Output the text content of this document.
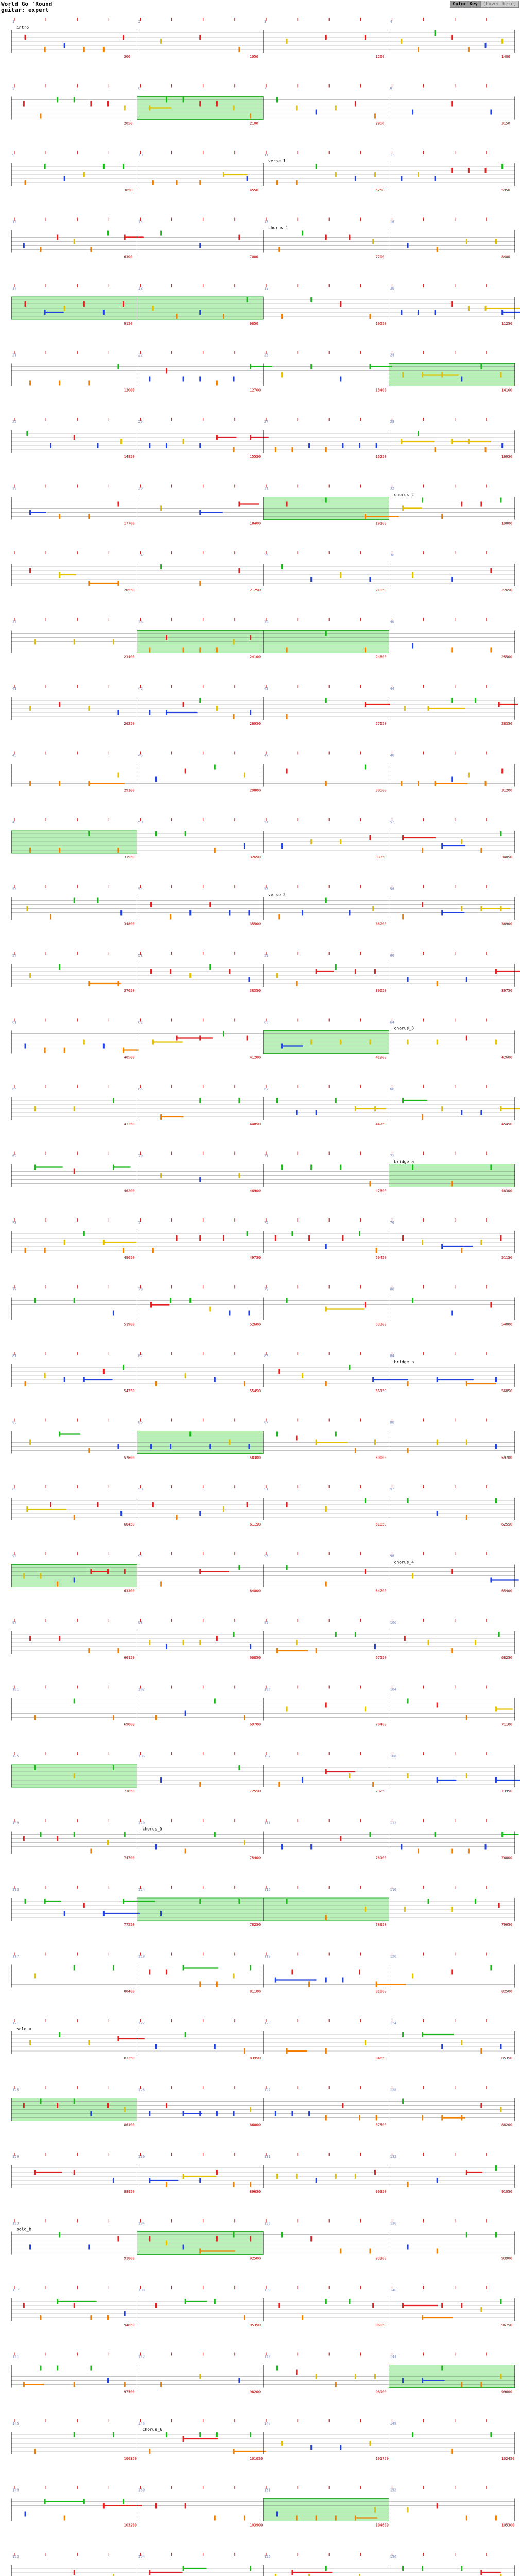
World Go 'Round
guitar: expert
Color Key	(hover here)
1
intro
300
2
1050
3
1200
4
1400
5
2050
6
2100
7
2950
8
3150
9
3850
10
4550
11
verse_1
5250
12
5950
13
6300
14
7000
15
chorus_1
7700
16
8400
17
9150
18
9850
19
10550
20
11250
21
12000
22
12700
23
13400
24
14100
25
14850
26
15550
27
16250
28
16950
29
17700
30
18400
31
19100
32
chorus_2
19800
33
20550
34
21250
35
21950
36
22650
37
23400
38
24100
39
24800
40
25500
41
26250
42
26950
43
27650
44
28350
45
29100
46
29800
47
30500
48
31200
49
31950
50
32650
51
33350
52
34050
53
34800
54
35500
55
verse_2
36200
56
36900
57
37650
58
38350
59
39050
60
39750
61
40500
62
41200
63
41900
64
chorus_3
42600
65
43350
66
44050
67
44750
68
45450
69
46200
70
46900
71
47600
72
bridge_a
48300
73
49050
74
49750
75
50450
76
51150
77
51900
78
52600
79
53300
80
54000
81
54750
82
55450
83
56150
84
bridge_b
56850
85
57600
86
58300
87
59000
88
59700
89
60450
90
61150
91
61850
92
62550
93
63300
94
64000
95
64700
96
chorus_4
65400
97
66150
98
66850
99
67550
100
68250
101
69000
102
69700
103
70400
104
71100
105
71850
106
72550
107
73250
108
73950
109
74700
110
chorus_5
75400
111
76100
112
76800
113
77550
114
78250
115
78950
116
79650
117
80400
118
81100
119
81800
120
82500
121
solo_a
83250
122
83950
123
84650
124
85350
125
86100
126
86800
127
87500
128
88200
129
88950
130
89650
131
90350
132
91050
133
solo_b
91800
134
92500
135
93200
136
93900
137
94650
138
95350
139
96050
140
96750
141
97500
142
98200
143
98900
144
99600
145
100350
146
chorus_6
101050
147
101750
148
102450
149
103200
150
103900
151
104600
152
105300
153	154	155	156
